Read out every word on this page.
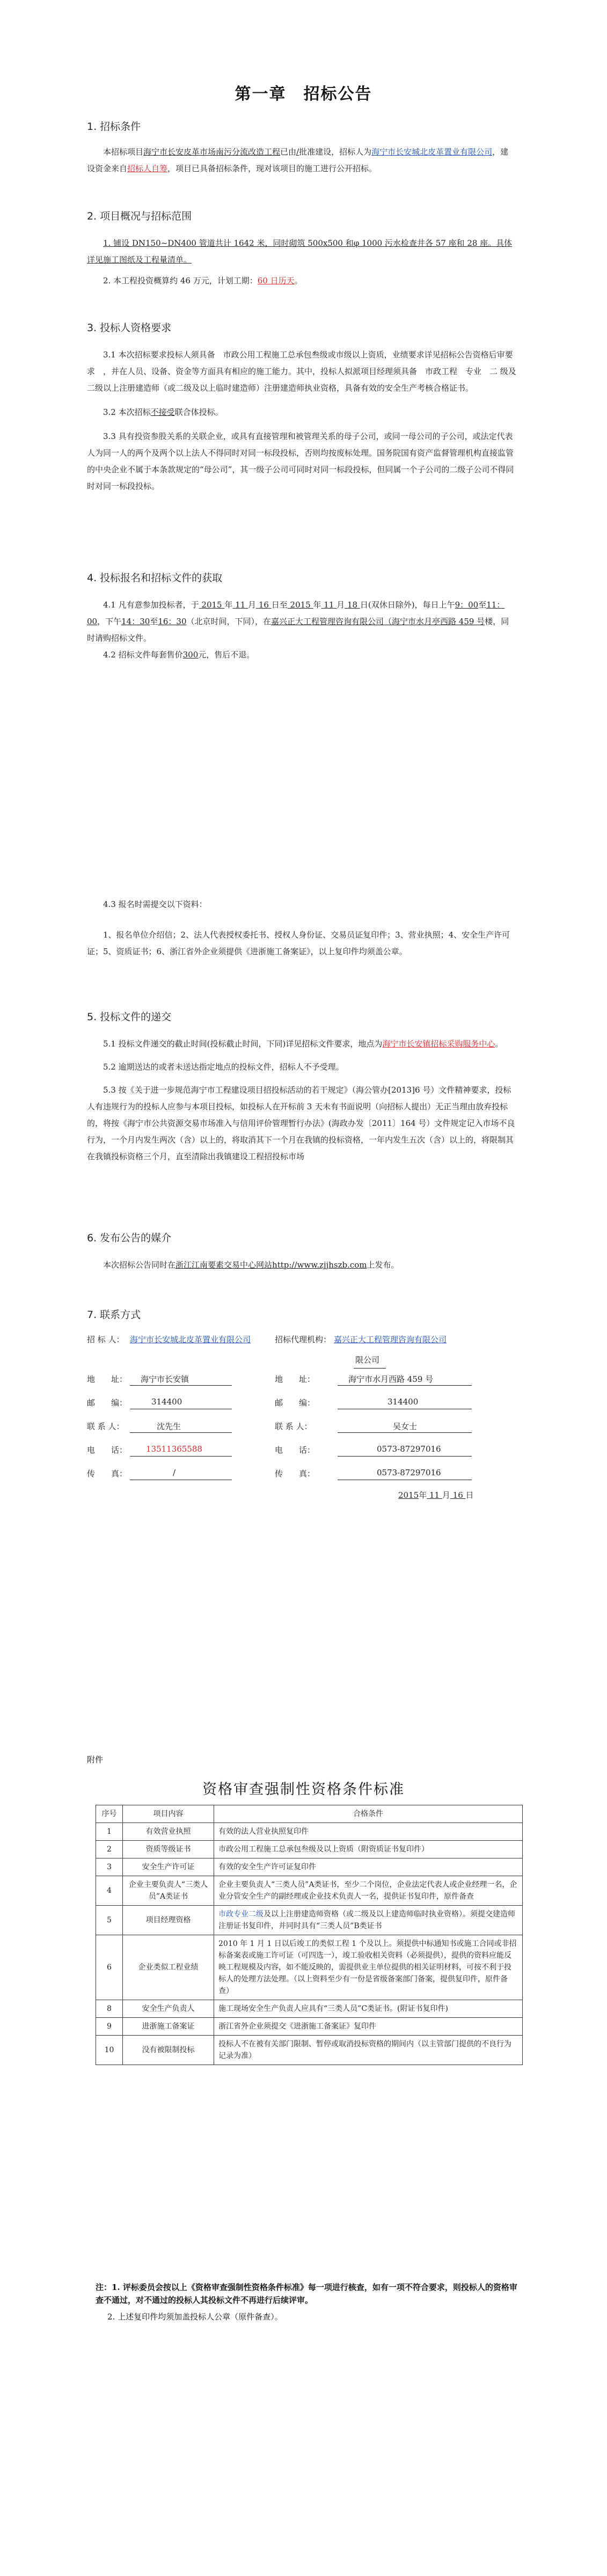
第一章　招标公告
1. 招标条件

本招标项目海宁市长安皮革市场南污分流改造工程已由/批准建设，招标人为海宁市长安城北皮革置业有限公司，建设资金来自招标人自筹，项目已具备招标条件，现对该项目的施工进行公开招标。

2. 项目概况与招标范围

1. 铺设 DN150~DN400 管道共计 1642 米，同时砌筑 500x500 和φ 1000 污水检查井各 57 座和 28 座。具体详见施工图纸及工程量清单。

2. 本工程投资概算约 46 万元，计划工期：60 日历天。

3. 投标人资格要求

3.1 本次招标要求投标人须具备　市政公用工程施工总承包叁级或市级以上资质，业绩要求详见招标公告资格后审要求　，并在人员、设备、资金等方面具有相应的施工能力。其中，投标人拟派项目经理须具备　市政工程　专业　二 级及二级以上注册建造师（或二级及以上临时建造师）注册建造师执业资格，具备有效的安全生产考核合格证书。

3.2 本次招标不接受联合体投标。

3.3 具有投资参股关系的关联企业，或具有直接管理和被管理关系的母子公司，或同一母公司的子公司，或法定代表人为同一人的两个及两个以上法人不得同时对同一标段投标，否则均按废标处理。国务院国有资产监督管理机构直接监管的中央企业不属于本条款规定的“母公司”，其一级子公司可同时对同一标段投标，但同属一个子公司的二级子公司不得同时对同一标段投标。

4. 投标报名和招标文件的获取

4.1 凡有意参加投标者，于 2015 年 11 月 16 日至 2015 年 11 月 18 日(双休日除外)，每日上午9：00至11：00，下午14：30至16：30（北京时间，下同），在嘉兴正大工程管理咨询有限公司（海宁市水月亭西路 459 号楼，同时请购招标文件。

4.2 招标文件每套售价300元，售后不退。

4.3 报名时需提交以下资料：

1、报名单位介绍信；2、法人代表授权委托书、授权人身份证、交易员证复印件；3、营业执照；4、安全生产许可证；5、资质证书；6、浙江省外企业须提供《进浙施工备案证》，以上复印件均须盖公章。

5. 投标文件的递交

5.1 投标文件递交的截止时间(投标截止时间，下同)详见招标文件要求，地点为海宁市长安镇招标采购服务中心。

5.2 逾期送达的或者未送达指定地点的投标文件，招标人不予受理。

5.3 按《关于进一步规范海宁市工程建设项目招投标活动的若干规定》（海公管办[2013]6 号）文件精神要求，投标人有违规行为的投标人应参与本项目投标，如投标人在开标前 3 天未有书面说明（向招标人提出）无正当理由放弃投标的，将按《海宁市公共资源交易市场准入与信用评价管理暂行办法》(海政办发〔2011〕164 号）文件规定记入市场不良行为，一个月内发生两次（含）以上的，将取消其下一个月在我镇的投标资格，一年内发生五次（含）以上的，将限制其在我镇投标资格三个月，直至清除出我镇建设工程招投标市场

6. 发布公告的媒介

本次招标公告同时在浙江江南要素交易中心网站http://www.zjjhszb.com上发布。

7. 联系方式
招 标 人： 海宁市长安城北皮革置业有限公司	招标代理机构： 嘉兴正大工程管理咨询有限公司
限公司
地　　址： 海宁市长安镇	地　　址：	海宁市水月西路 459 号
邮　　编：	314400	邮　　编：	314400
联 系 人：	沈先生	联 系 人：	吴女士
电　　话： 13511365588	电　　话：	0573-87297016
传　　真：	/	传　　真：	0573-87297016
2015年 11 月 16 日
附件
资格审查强制性资格条件标准
序号	项目内容	合格条件
1	有效营业执照	有效的法人营业执照复印件
2	资质等级证书	市政公用工程施工总承包叁级及以上资质（附资质证书复印件）
3	安全生产许可证	有效的安全生产许可证复印件
4	企业主要负责人“三类人员”A类证书	企业主要负责人“三类人员”A类证书，至少二个岗位，企业法定代表人或企业经理一名，企业分管安全生产的副经理或企业技术负责人一名，提供证书复印件，原件备查
5	项目经理资格	市政专业二级及以上注册建造师资格（或二级及以上建造师临时执业资格）。须提交建造师注册证书复印件，并同时具有“三类人员”B类证书
6	企业类似工程业绩	2010 年 1 月 1 日以后竣工的类似工程 1 个及以上。须提供中标通知书或施工合同或非招标备案表或施工许可证（可四选一），竣工验收相关资料（必须提供），提供的资料应能反映工程规模及内容，如不能反映的，需提供业主单位提供的相关证明材料，可按不利于投标人的处理方法处理。（以上资料至少有一份是省级备案部门备案，提供复印件，原件备查）
8	安全生产负责人	施工现场安全生产负责人应具有“三类人员”C类证书。(附证书复印件)
9	进浙施工备案证	浙江省外企业须提交《进浙施工备案证》复印件
10	没有被限制投标	投标人不在被有关部门限制、暂停或取消投标资格的期间内（以主管部门提供的不良行为记录为准）
注：1. 评标委员会按以上《资格审查强制性资格条件标准》每一项进行核查，如有一项不符合要求，则投标人的资格审查不通过，对不通过的投标人其投标文件不再进行后续评审。
2. 上述复印件均须加盖投标人公章（原件备查）。
